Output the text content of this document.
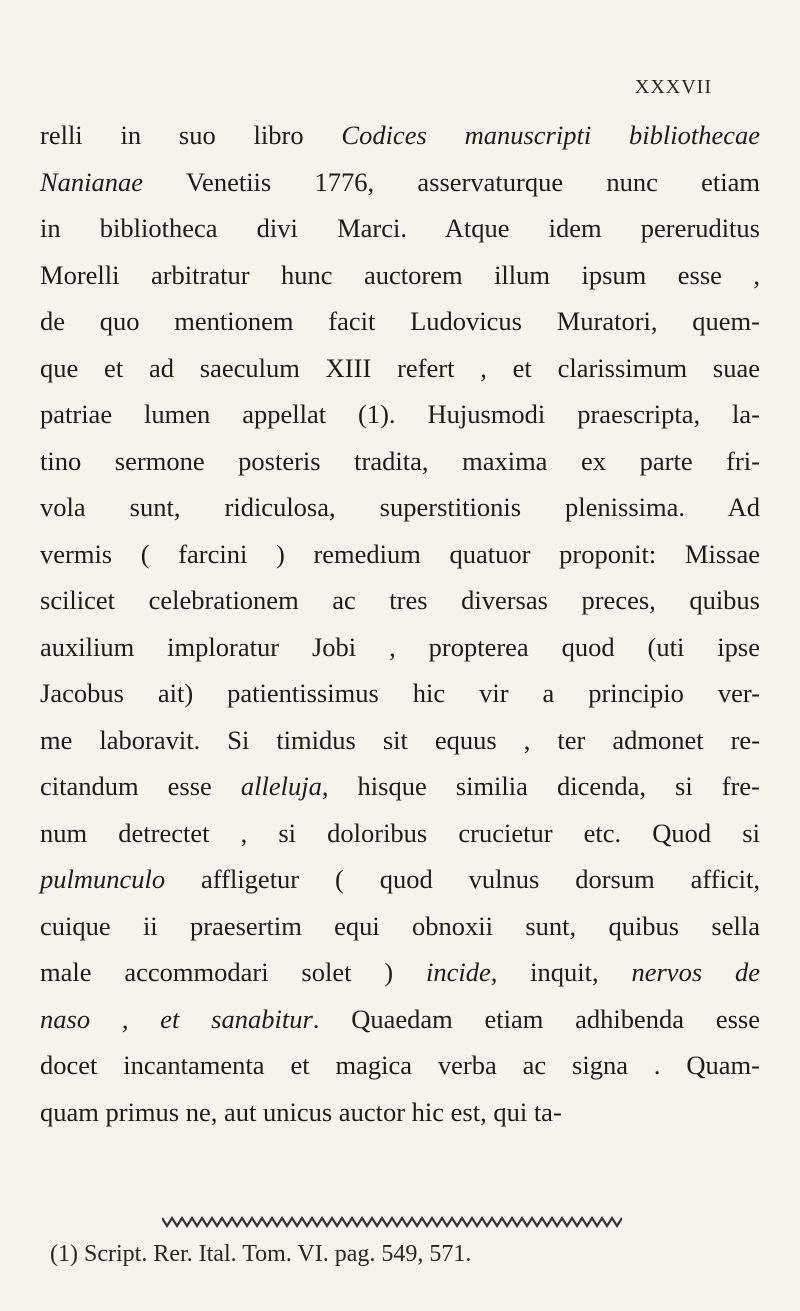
XXXVII
relli in suo libro Codices manuscripti bibliothecae
Nanianae Venetiis 1776, asservaturque nunc etiam
in bibliotheca divi Marci. Atque idem pereruditus
Morelli arbitratur hunc auctorem illum ipsum esse ,
de quo mentionem facit Ludovicus Muratori, quem-
que et ad saeculum XIII refert , et clarissimum suae
patriae lumen appellat (1). Hujusmodi praescripta, la-
tino sermone posteris tradita, maxima ex parte fri-
vola sunt, ridiculosa, superstitionis plenissima. Ad
vermis ( farcini ) remedium quatuor proponit: Missae
scilicet celebrationem ac tres diversas preces, quibus
auxilium imploratur Jobi , propterea quod (uti ipse
Jacobus ait) patientissimus hic vir a principio ver-
me laboravit. Si timidus sit equus , ter admonet re-
citandum esse alleluja, hisque similia dicenda, si fre-
num detrectet , si doloribus crucietur etc. Quod si
pulmunculo affligetur ( quod vulnus dorsum afficit,
cuique ii praesertim equi obnoxii sunt, quibus sella
male accommodari solet ) incide, inquit, nervos de
naso , et sanabitur. Quaedam etiam adhibenda esse
docet incantamenta et magica verba ac signa . Quam-
quam primus ne, aut unicus auctor hic est, qui ta-
(1) Script. Rer. Ital. Tom. VI. pag. 549, 571.
